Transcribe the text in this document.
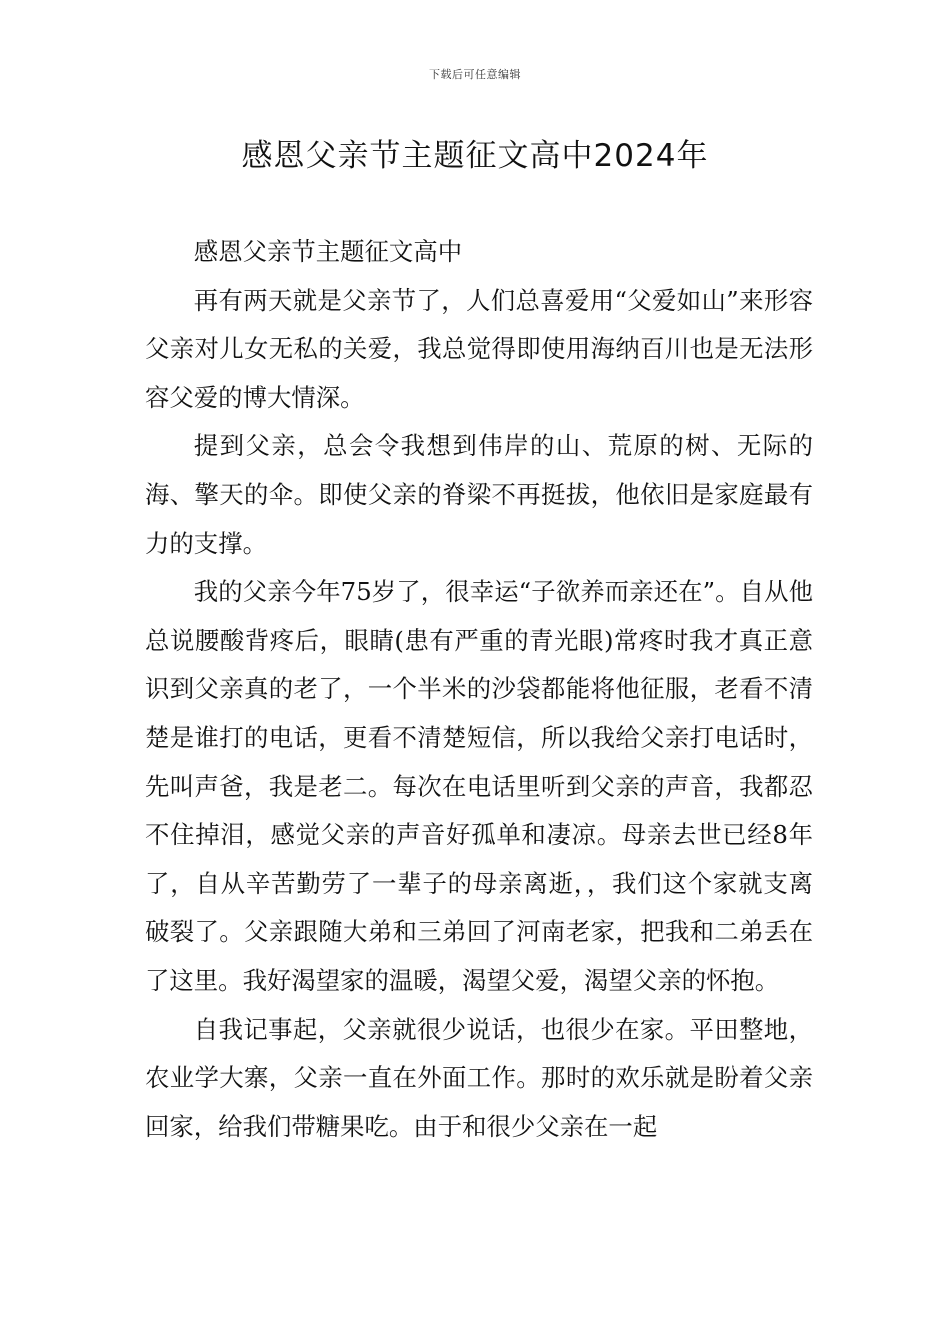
下载后可任意编辑
感恩父亲节主题征文高中2024年

感恩父亲节主题征文高中

再有两天就是父亲节了，人们总喜爱用“父爱如山”来形容父亲对儿女无私的关爱，我总觉得即使用海纳百川也是无法形容父爱的博大情深。

提到父亲，总会令我想到伟岸的山、荒原的树、无际的海、擎天的伞。即使父亲的脊梁不再挺拔，他依旧是家庭最有力的支撑。

我的父亲今年75岁了，很幸运“子欲养而亲还在”。自从他总说腰酸背疼后，眼睛(患有严重的青光眼)常疼时我才真正意识到父亲真的老了，一个半米的沙袋都能将他征服，老看不清楚是谁打的电话，更看不清楚短信，所以我给父亲打电话时，先叫声爸，我是老二。每次在电话里听到父亲的声音，我都忍不住掉泪，感觉父亲的声音好孤单和凄凉。母亲去世已经8年了，自从辛苦勤劳了一辈子的母亲离逝，，我们这个家就支离破裂了。父亲跟随大弟和三弟回了河南老家，把我和二弟丢在了这里。我好渴望家的温暖，渴望父爱，渴望父亲的怀抱。

自我记事起，父亲就很少说话，也很少在家。平田整地，农业学大寨，父亲一直在外面工作。那时的欢乐就是盼着父亲回家，给我们带糖果吃。由于和很少父亲在一起
